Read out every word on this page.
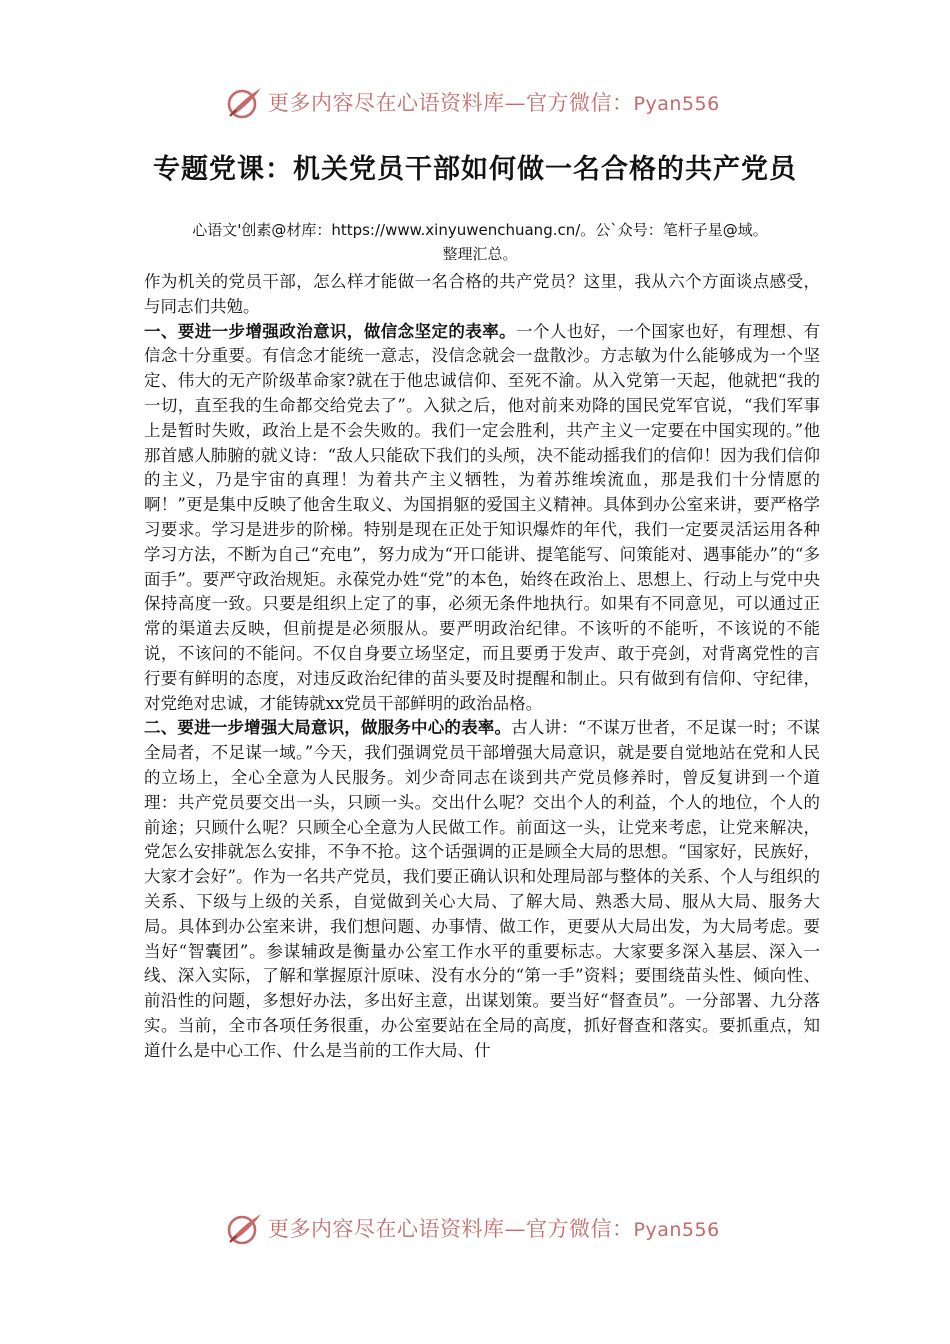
更多内容尽在心语资料库—官方微信：Pyan556
专题党课：机关党员干部如何做一名合格的共产党员
心语文'创素@材库：https://www.xinyuwenchuang.cn/。公`众号：笔杆子星@域。
整理汇总。

作为机关的党员干部，怎么样才能做一名合格的共产党员？这里，我从六个方面谈点感受，与同志们共勉。

一、要进一步增强政治意识，做信念坚定的表率。一个人也好，一个国家也好，有理想、有信念十分重要。有信念才能统一意志，没信念就会一盘散沙。方志敏为什么能够成为一个坚定、伟大的无产阶级革命家?就在于他忠诚信仰、至死不渝。从入党第一天起，他就把“我的一切，直至我的生命都交给党去了”。入狱之后，他对前来劝降的国民党军官说，“我们军事上是暂时失败，政治上是不会失败的。我们一定会胜利，共产主义一定要在中国实现的。”他那首感人肺腑的就义诗：“敌人只能砍下我们的头颅，决不能动摇我们的信仰！因为我们信仰的主义，乃是宇宙的真理！为着共产主义牺牲，为着苏维埃流血，那是我们十分情愿的啊！”更是集中反映了他舍生取义、为国捐躯的爱国主义精神。具体到办公室来讲，要严格学习要求。学习是进步的阶梯。特别是现在正处于知识爆炸的年代，我们一定要灵活运用各种学习方法，不断为自己“充电”，努力成为“开口能讲、提笔能写、问策能对、遇事能办”的“多面手”。要严守政治规矩。永葆党办姓“党”的本色，始终在政治上、思想上、行动上与党中央保持高度一致。只要是组织上定了的事，必须无条件地执行。如果有不同意见，可以通过正常的渠道去反映，但前提是必须服从。要严明政治纪律。不该听的不能听，不该说的不能说，不该问的不能问。不仅自身要立场坚定，而且要勇于发声、敢于亮剑，对背离党性的言行要有鲜明的态度，对违反政治纪律的苗头要及时提醒和制止。只有做到有信仰、守纪律，对党绝对忠诚，才能铸就xx党员干部鲜明的政治品格。

二、要进一步增强大局意识，做服务中心的表率。古人讲：“不谋万世者，不足谋一时；不谋全局者，不足谋一域。”今天，我们强调党员干部增强大局意识，就是要自觉地站在党和人民的立场上，全心全意为人民服务。刘少奇同志在谈到共产党员修养时，曾反复讲到一个道理：共产党员要交出一头，只顾一头。交出什么呢？交出个人的利益，个人的地位，个人的前途；只顾什么呢？只顾全心全意为人民做工作。前面这一头，让党来考虑，让党来解决，党怎么安排就怎么安排，不争不抢。这个话强调的正是顾全大局的思想。“国家好，民族好，大家才会好”。作为一名共产党员，我们要正确认识和处理局部与整体的关系、个人与组织的关系、下级与上级的关系，自觉做到关心大局、了解大局、熟悉大局、服从大局、服务大局。具体到办公室来讲，我们想问题、办事情、做工作，更要从大局出发，为大局考虑。要当好“智囊团”。参谋辅政是衡量办公室工作水平的重要标志。大家要多深入基层、深入一线、深入实际，了解和掌握原汁原味、没有水分的“第一手”资料；要围绕苗头性、倾向性、前沿性的问题，多想好办法，多出好主意，出谋划策。要当好“督查员”。一分部署、九分落实。当前，全市各项任务很重，办公室要站在全局的高度，抓好督查和落实。要抓重点，知道什么是中心工作、什么是当前的工作大局、什

更多内容尽在心语资料库—官方微信：Pyan556
